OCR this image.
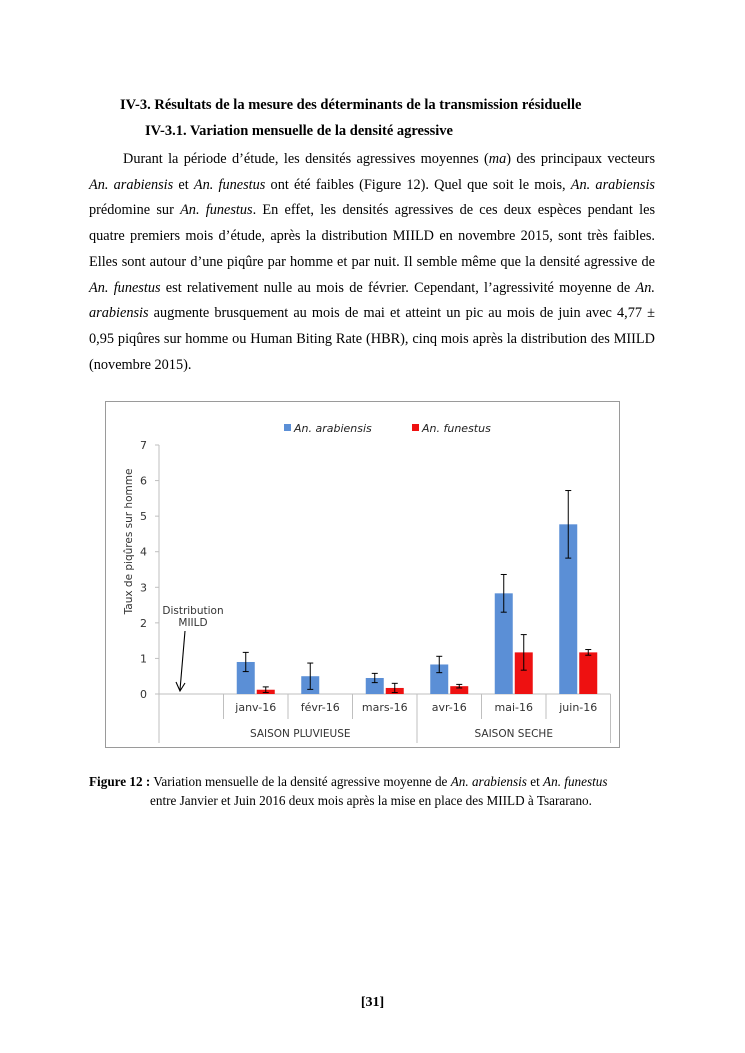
IV-3. Résultats de la mesure des déterminants de la transmission résiduelle
IV-3.1. Variation mensuelle de la densité agressive

Durant la période d’étude, les densités agressives moyennes (ma) des principaux vecteurs An. arabiensis et An. funestus ont été faibles (Figure 12). Quel que soit le mois, An. arabiensis prédomine sur An. funestus. En effet, les densités agressives de ces deux espèces pendant les quatre premiers mois d’étude, après la distribution MIILD en novembre 2015, sont très faibles. Elles sont autour d’une piqûre par homme et par nuit. Il semble même que la densité agressive de An. funestus est relativement nulle au mois de février. Cependant, l’agressivité moyenne de An. arabiensis augmente brusquement au mois de mai et atteint un pic au mois de juin avec 4,77 ± 0,95 piqûres sur homme ou Human Biting Rate (HBR), cinq mois après la distribution des MIILD (novembre 2015).

0
1
2
3
4
5
6
7
Taux de piqûres sur homme
janv-16 févr-16 mars-16 avr-16	mai-16 juin-16
SAISON PLUVIEUSE	SAISON SECHE
An. arabiensis	An. funestus
Distribution
MIILD
Figure 12 : Variation mensuelle de la densité agressive moyenne de An. arabiensis et An. funestus
entre Janvier et Juin 2016 deux mois après la mise en place des MIILD à Tsararano.
[31]
